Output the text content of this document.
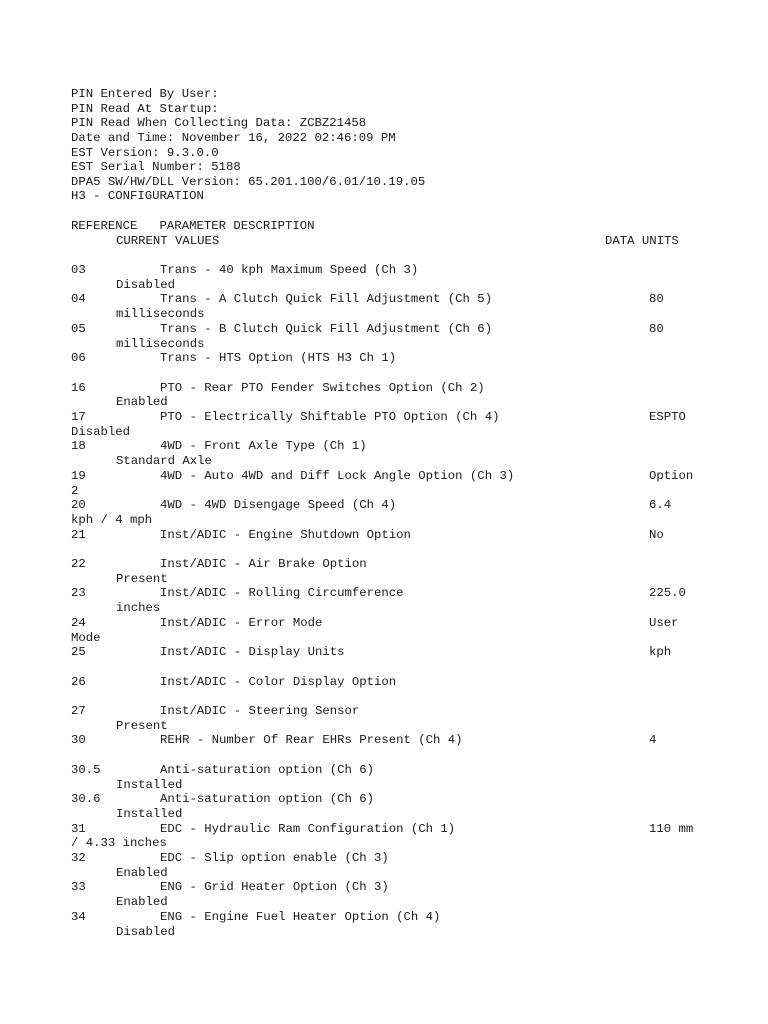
PIN Entered By User:
PIN Read At Startup:
PIN Read When Collecting Data: ZCBZ21458
Date and Time: November 16, 2022 02:46:09 PM
EST Version: 9.3.0.0
EST Serial Number: 5188
DPA5 SW/HW/DLL Version: 65.201.100/6.01/10.19.05
H3 - CONFIGURATION
REFERENCE   PARAMETER DESCRIPTION
CURRENT VALUES	DATA UNITS
03	Trans - 40 kph Maximum Speed (Ch 3)
Disabled
04	Trans - A Clutch Quick Fill Adjustment (Ch 5)	80
milliseconds
05	Trans - B Clutch Quick Fill Adjustment (Ch 6)	80
milliseconds
06	Trans - HTS Option (HTS H3 Ch 1)
16	PTO - Rear PTO Fender Switches Option (Ch 2)
Enabled
17	PTO - Electrically Shiftable PTO Option (Ch 4)	ESPTO
Disabled
18	4WD - Front Axle Type (Ch 1)
Standard Axle
19	4WD - Auto 4WD and Diff Lock Angle Option (Ch 3)	Option
2
20	4WD - 4WD Disengage Speed (Ch 4)	6.4
kph / 4 mph
21	Inst/ADIC - Engine Shutdown Option	No
22	Inst/ADIC - Air Brake Option
Present
23	Inst/ADIC - Rolling Circumference	225.0
inches
24	Inst/ADIC - Error Mode	User
Mode
25	Inst/ADIC - Display Units	kph
26	Inst/ADIC - Color Display Option
27	Inst/ADIC - Steering Sensor
Present
30	REHR - Number Of Rear EHRs Present (Ch 4)	4
30.5	Anti-saturation option (Ch 6)
Installed
30.6	Anti-saturation option (Ch 6)
Installed
31	EDC - Hydraulic Ram Configuration (Ch 1)	110 mm
/ 4.33 inches
32	EDC - Slip option enable (Ch 3)
Enabled
33	ENG - Grid Heater Option (Ch 3)
Enabled
34	ENG - Engine Fuel Heater Option (Ch 4)
Disabled
